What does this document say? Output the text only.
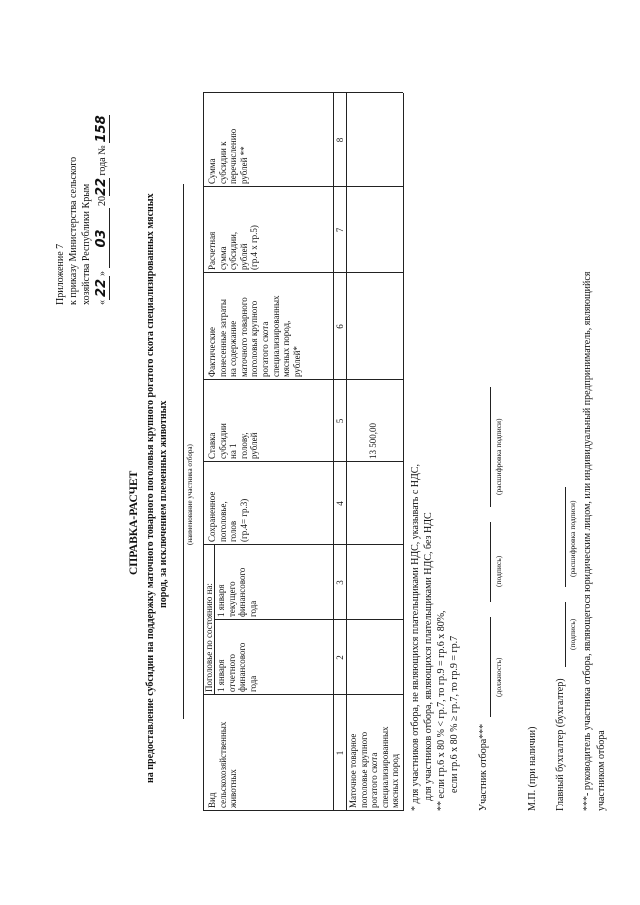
Приложение 7 к приказу Министерства сельского хозяйства Республики Крым «22» 03 2022 года № 158
СПРАВКА-РАСЧЕТ на предоставление субсидии на поддержку маточного товарного поголовья крупного рогатого скота специализированных мясных пород, за исключением племенных животных (наименование участника отбора)
Вид сельскохозяйственных животных
Поголовье по состоянию на: 1 января отчетного финансового года
1 января текущего финансового года
Сохраненное поголовье, голов (гр.4= гр.3)
Ставка субсидии на 1 голову, рублей
Фактические понесенные затраты на содержание маточного товарного поголовья крупного рогатого скота специализированных мясных пород, рублей*
Расчетная сумма субсидии, рублей (гр.4 х гр.5)
Сумма субсидии к перечислению рублей **
1
2
3
4
5
6
7
8
Маточное товарное поголовье крупного рогатого скота специализированных мясных пород
13 500,00
* для участников отбора, не являющихся плательщиками НДС, указывать с НДС, для участников отбора, являющихся плательщиками НДС, без НДС ** если гр.6 х 80 % < гр.7, то гр.9 = гр.6 х 80%, если гр.6 х 80 % ≥ гр.7, то гр.9 = гр.7 Участник отбора***
(должность)
(подпись)
(расшифровка подписи)
М.П. (при наличии) Главный бухгалтер (бухгалтер)
(подпись)
(расшифровка подписи) ***- руководитель участника отбора, являющегося юридическим лицом, или индивидуальный предприниматель, являющийся участником отбора
